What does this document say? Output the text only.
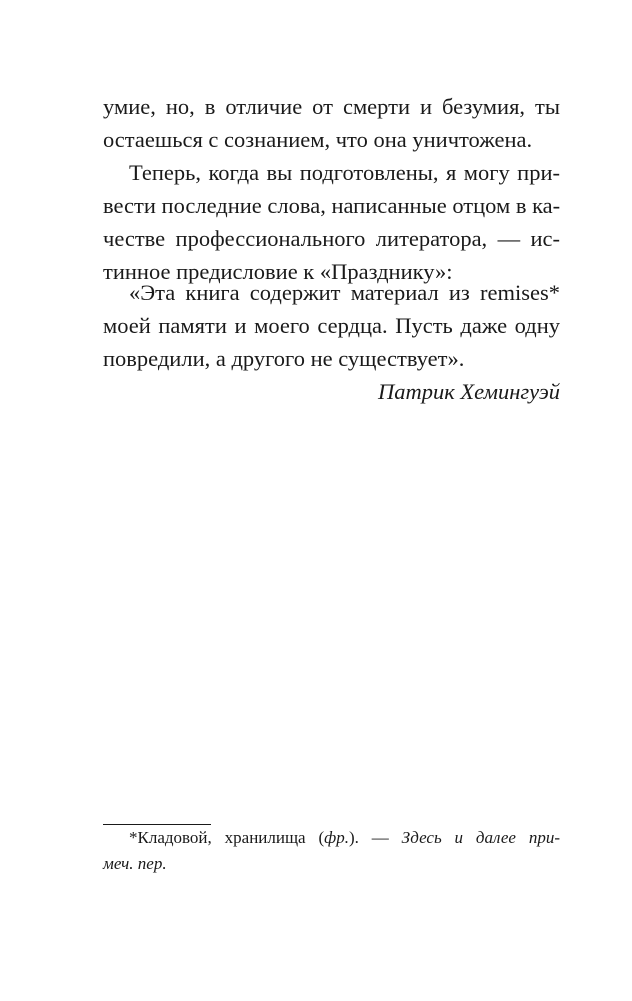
умие, но, в отличие от смерти и безумия, ты
остаешься с сознанием, что она уничтожена.
Теперь, когда вы подготовлены, я могу при-
вести последние слова, написанные отцом в ка-
честве профессионального литератора, — ис-
тинное предисловие к «Празднику»:
«Эта книга содержит материал из remises*
моей памяти и моего сердца. Пусть даже одну
повредили, а другого не существует».
Патрик Хемингуэй
*Кладовой, хранилища (фр.). — Здесь и далее при-
меч. пер.
